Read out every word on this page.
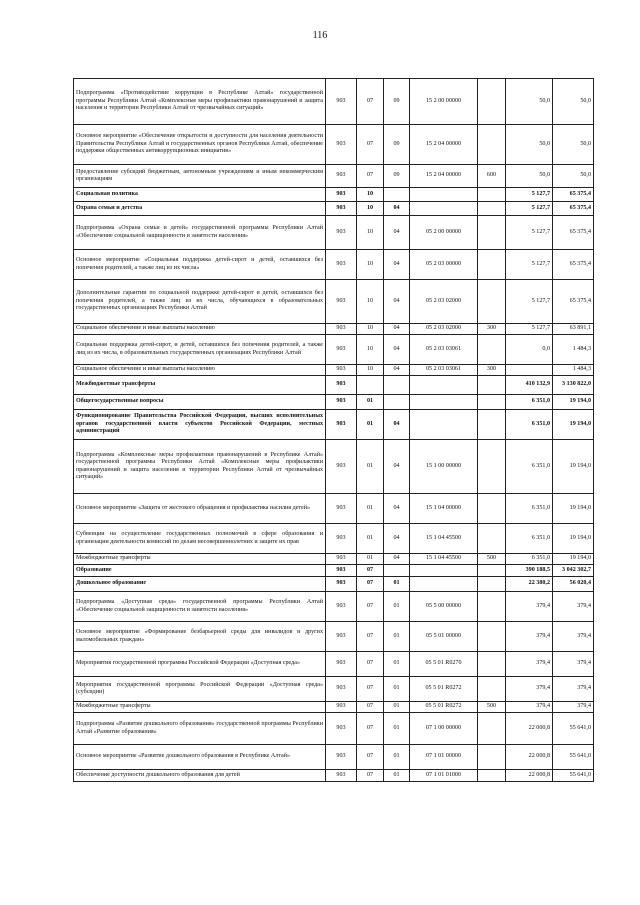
116
Подпрограмма «Противодействие коррупции в Республике Алтай» государственной программы Республики Алтай «Комплексные меры профилактики правонарушений и защита населения и территории Республики Алтай от чрезвычайных ситуаций»	903	07	09	15 2 00 00000		50,0	50,0
Основное мероприятие «Обеспечение открытости и доступности для населения деятельности Правительства Республики Алтай и государственных органов Республики Алтай, обеспечение поддержки общественных антикоррупционных инициатив»	903	07	09	15 2 04 00000		50,0	50,0
Предоставление субсидий бюджетным, автономным учреждениям и иным некоммерческим организациям	903	07	09	15 2 04 00000	600	50,0	50,0
Социальная политика	903	10				5 127,7	65 375,4
Охрана семьи и детства	903	10	04			5 127,7	65 375,4
Подпрограмма «Охрана семьи и детей» государственной программы Республики Алтай «Обеспечение социальной защищенности и занятости населения»	903	10	04	05 2 00 00000		5 127,7	65 375,4
Основное мероприятие «Социальная поддержка детей-сирот и детей, оставшихся без попечения родителей, а также лиц из их числа»	903	10	04	05 2 03 00000		5 127,7	65 375,4
Дополнительные гарантии по социальной поддержке детей-сирот и детей, оставшихся без попечения родителей, а также лиц из их числа, обучающихся в образовательных государственных организациях Республики Алтай	903	10	04	05 2 03 02000		5 127,7	65 375,4
Социальное обеспечение и иные выплаты населению	903	10	04	05 2 03 02000	300	5 127,7	63 891,1
Социальная поддержка детей-сирот, и детей, оставшихся без попечения родителей, а также лиц из их числа, в образовательных государственных организациях Республики Алтай	903	10	04	05 2 03 03061		0,0	1 484,3
Социальное обеспечение и иные выплаты населению	903	10	04	05 2 03 03061	300		1 484,3
Межбюджетные трансферты	903					410 132,9	3 130 822,0
Общегосударственные вопросы	903	01				6 351,0	19 194,0
Функционирование Правительства Российской Федерации, высших исполнительных органов государственной власти субъектов Российской Федерации, местных администраций	903	01	04			6 351,0	19 194,0
Подпрограмма «Комплексные меры профилактики правонарушений в Республике Алтай» государственной программы Республики Алтай «Комплексные меры профилактики правонарушений и защита населения и территории Республики Алтай от чрезвычайных ситуаций»	903	01	04	15 1 00 00000		6 351,0	19 194,0
Основное мероприятие «Защита от жестокого обращения и профилактика насилия детей»	903	01	04	15 1 04 00000		6 351,0	19 194,0
Субвенции на осуществление государственных полномочий в сфере образования и организации деятельности комиссий по делам несовершеннолетних и защите их прав	903	01	04	15 1 04 45500		6 351,0	19 194,0
Межбюджетные трансферты	903	01	04	15 1 04 45500	500	6 351,0	19 194,0
Образование	903	07				390 188,5	3 042 302,7
Дошкольное образование	903	07	01			22 380,2	56 020,4
Подпрограмма «Доступная среда» государственной программы Республики Алтай «Обеспечение социальной защищенности и занятости населения»	903	07	01	05 5 00 00000		379,4	379,4
Основное мероприятие «Формирование безбарьерной среды для инвалидов и других маломобильных граждан»	903	07	01	05 5 01 00000		379,4	379,4
Мероприятия государственной программы Российской Федерации «Доступная среда»	903	07	01	05 5 01 R0270		379,4	379,4
Мероприятия государственной программы Российской Федерации «Доступная среда» (субсидии)	903	07	01	05 5 01 R0272		379,4	379,4
Межбюджетные трансферты	903	07	01	05 5 01 R0272	500	379,4	379,4
Подпрограмма «Развитие дошкольного образования» государственной программы Республики Алтай «Развитие образования»	903	07	01	07 1 00 00000		22 000,8	55 641,0
Основное мероприятие «Развитие дошкольного образования в Республике Алтай»	903	07	01	07 1 01 00000		22 000,8	55 641,0
Обеспечение доступности дошкольного образования для детей	903	07	01	07 1 01 01000		22 000,8	55 641,0
